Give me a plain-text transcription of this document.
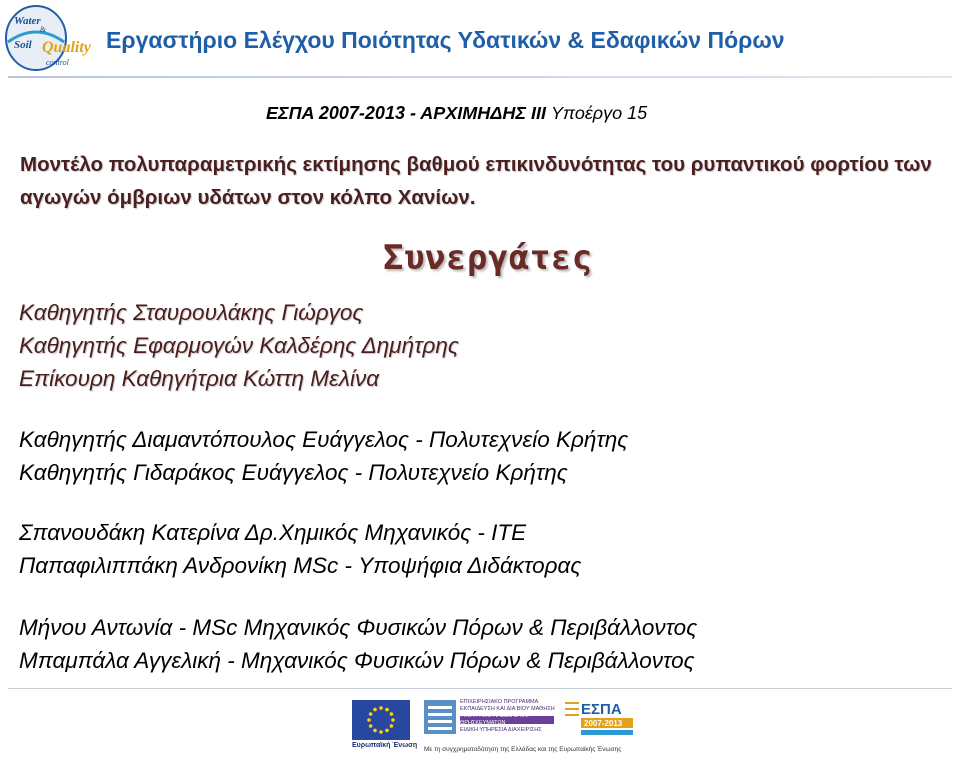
Water
&
Soil Quality
control
Εργαστήριο Ελέγχου Ποιότητας Υδατικών & Εδαφικών Πόρων
ΕΣΠΑ 2007-2013 - ΑΡΧΙΜΗΔΗΣ ΙΙΙ Υποέργο 15
Μοντέλο πολυπαραμετρικής εκτίμησης βαθμού επικινδυνότητας του ρυπαντικού φορτίου των αγωγών όμβριων υδάτων στον κόλπο Χανίων.
Συνεργάτες
Καθηγητής Σταυρουλάκης Γιώργος
Καθηγητής Εφαρμογών Καλδέρης Δημήτρης
Επίκουρη Καθηγήτρια Κώττη Μελίνα
Καθηγητής Διαμαντόπουλος Ευάγγελος - Πολυτεχνείο Κρήτης
Καθηγητής Γιδαράκος Ευάγγελος - Πολυτεχνείο Κρήτης
Σπανουδάκη Κατερίνα Δρ.Χημικός Μηχανικός - ΙΤΕ
Παπαφιλιππάκη Ανδρονίκη MSc - Υποψήφια Διδάκτορας
Μήνου Αντωνία - MSc Μηχανικός Φυσικών Πόρων & Περιβάλλοντος
Μπαμπάλα Αγγελική - Μηχανικός Φυσικών Πόρων & Περιβάλλοντος
Ευρωπαϊκή Ένωση
ΕΠΙΧΕΙΡΗΣΙΑΚΟ ΠΡΟΓΡΑΜΜΑ
ΕΚΠΑΙΔΕΥΣΗ ΚΑΙ ΔΙΑ ΒΙΟΥ ΜΑΘΗΣΗ
ΥΠΟΥΡΓΕΙΟ ΠΑΙΔΕΙΑΣ ΚΑΙ ΘΡΗΣΚΕΥΜΑΤΩΝ
ΕΙΔΙΚΗ ΥΠΗΡΕΣΙΑ ΔΙΑΧΕΙΡΙΣΗΣ
ΕΣΠΑ
2007-2013
Με τη συγχρηματοδότηση της Ελλάδας και της Ευρωπαϊκής Ένωσης
